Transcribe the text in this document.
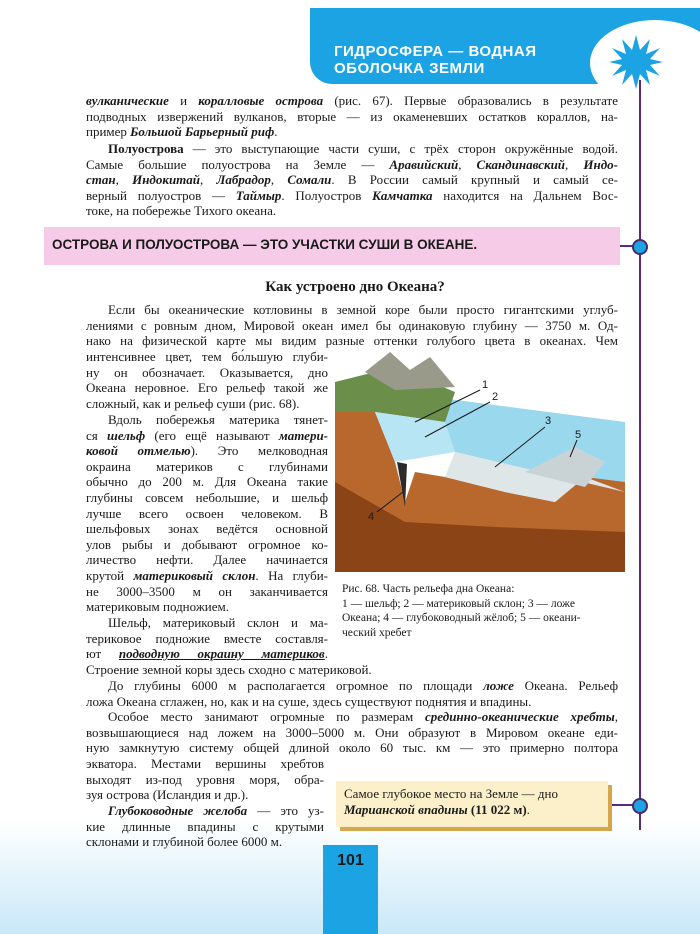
ГИДРОСФЕРА — ВОДНАЯ
ОБОЛОЧКА ЗЕМЛИ
вулканические и коралловые острова (рис. 67). Первые образовались в результате
подводных извержений вулканов, вторые — из окаменевших остатков кораллов, на-
пример Большой Барьерный риф.
Полуострова — это выступающие части суши, с трёх сторон окружённые водой.
Самые большие полуострова на Земле — Аравийский, Скандинавский, Индо-
стан, Индокитай, Лабрадор, Сомали. В России самый крупный и самый се-
верный полуостров — Таймыр. Полуостров Камчатка находится на Дальнем Вос-
токе, на побережье Тихого океана.
ОСТРОВА И ПОЛУОСТРОВА — ЭТО УЧАСТКИ СУШИ В ОКЕАНЕ.
Как устроено дно Океана?
Если бы океанические котловины в земной коре были просто гигантскими углуб-
лениями с ровным дном, Мировой океан имел бы одинаковую глубину — 3750 м. Од-
нако на физической карте мы видим разные оттенки голубого цвета в океанах. Чем
интенсивнее цвет, тем бо́льшую глуби-
ну он обозначает. Оказывается, дно
Океана неровное. Его рельеф такой же
сложный, как и рельеф суши (рис. 68).
Вдоль побережья материка тянет-
ся шельф (его ещё называют матери-
ковой отмелью). Это мелководная
окраина материков с глубинами
обычно до 200 м. Для Океана такие
глубины совсем небольшие, и шельф
лучше всего освоен человеком. В
шельфовых зонах ведётся основной
улов рыбы и добывают огромное ко-
личество нефти. Далее начинается
крутой материковый склон. На глуби-
не 3000–3500 м он заканчивается
материковым подножием.
Шельф, материковый склон и ма-
териковое подножие вместе составля-
ют подводную окраину материков.
Строение земной коры здесь сходно с материковой.
До глубины 6000 м располагается огромное по площади ложе Океана. Рельеф
ложа Океана сглажен, но, как и на суше, здесь существуют поднятия и впадины.
Особое место занимают огромные по размерам срединно-океанические хребты,
возвышающиеся над ложем на 3000–5000 м. Они образуют в Мировом океане еди-
ную замкнутую систему общей длиной около 60 тыс. км — это примерно полтора
экватора. Местами вершины хребтов
выходят из-под уровня моря, обра-
зуя острова (Исландия и др.).
Глубоководные желоба — это уз-
кие длинные впадины с крутыми
склонами и глубиной более 6000 м.
1
2
3
4
5
Рис. 68. Часть рельефа дна Океана:
1 — шельф; 2 — материковый склон; 3 — ложе
Океана; 4 — глубоководный жёлоб; 5 — океани-
ческий хребет
Самое глубокое место на Земле — дно
Марианской впадины (11 022 м).
101
